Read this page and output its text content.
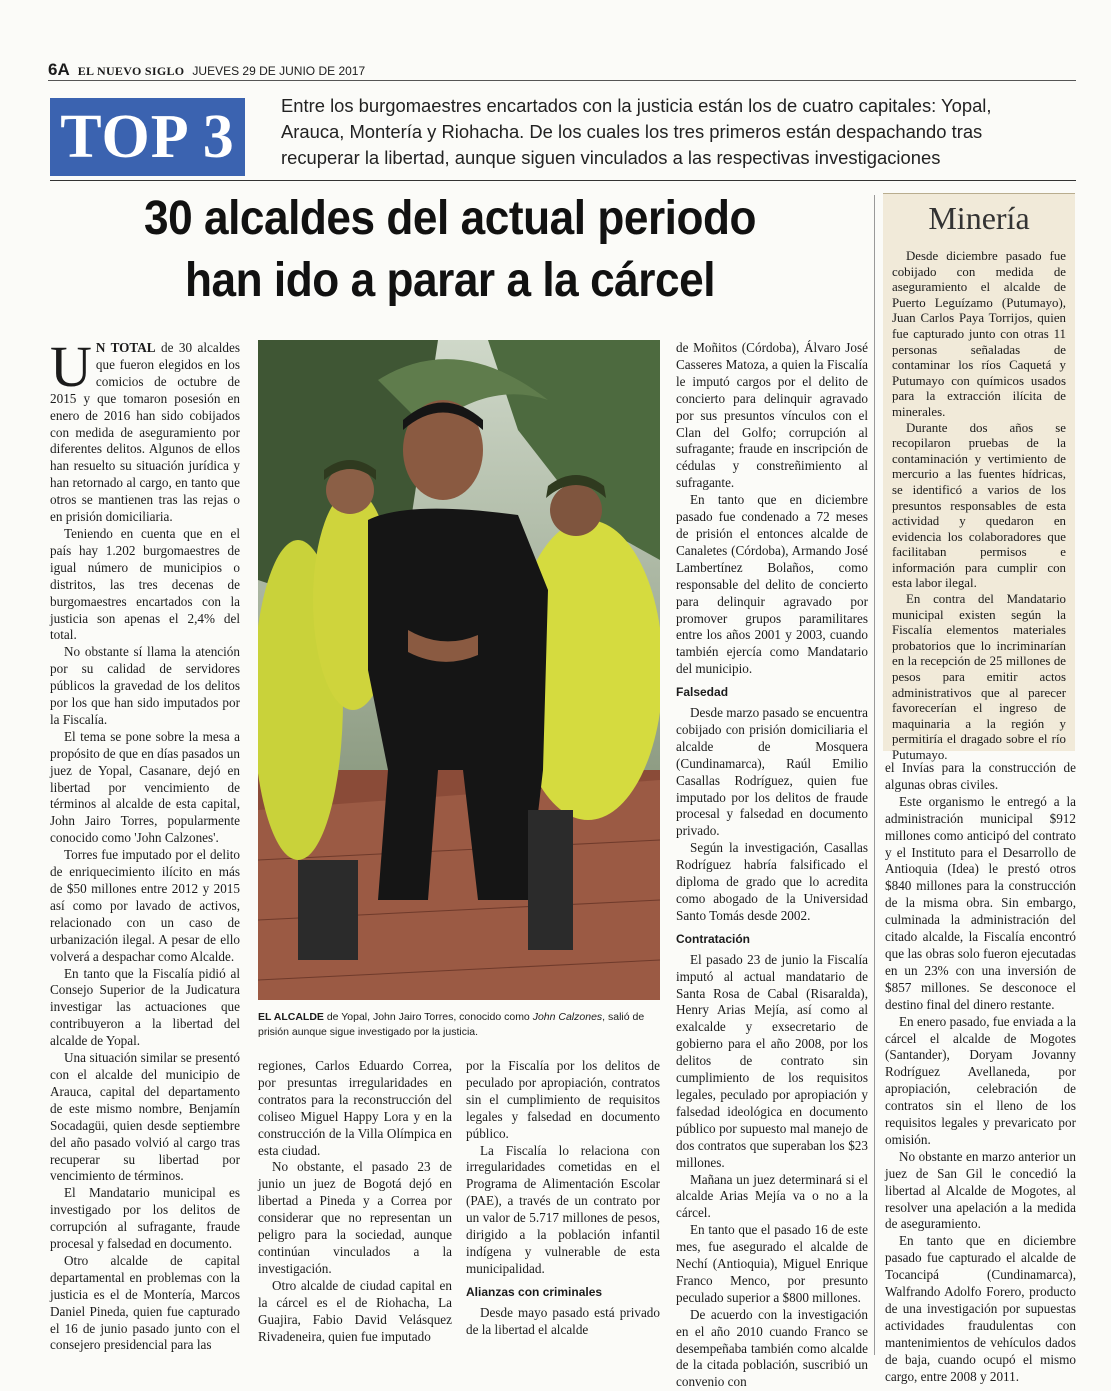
6A EL NUEVO SIGLO JUEVES 29 DE JUNIO DE 2017
TOP 3	Entre los burgomaestres encartados con la justicia están los de cuatro capitales: Yopal, Arauca, Montería y Riohacha. De los cuales los tres primeros están despachando tras recuperar la libertad, aunque siguen vinculados a las respectivas investigaciones
30 alcaldes del actual periodo
han ido a parar a la cárcel

U N TOTAL de 30 alcaldes que fueron elegidos en los comicios de octubre de 2015 y que tomaron posesión en enero de 2016 han sido cobijados con medida de aseguramiento por diferentes delitos. Algunos de ellos han resuelto su situación jurídica y han retornado al cargo, en tanto que otros se mantienen tras las rejas o en prisión domiciliaria.

Teniendo en cuenta que en el país hay 1.202 burgomaestres de igual número de municipios o distritos, las tres decenas de burgomaestres encartados con la justicia son apenas el 2,4% del total.

No obstante sí llama la atención por su calidad de servidores públicos la gravedad de los delitos por los que han sido imputados por la Fiscalía.

El tema se pone sobre la mesa a propósito de que en días pasados un juez de Yopal, Casanare, dejó en libertad por vencimiento de términos al alcalde de esta capital, John Jairo Torres, popularmente conocido como 'John Calzones'.

Torres fue imputado por el delito de enriquecimiento ilícito en más de $50 millones entre 2012 y 2015 así como por lavado de activos, relacionado con un caso de urbanización ilegal. A pesar de ello volverá a despachar como Alcalde.

En tanto que la Fiscalía pidió al Consejo Superior de la Judicatura investigar las actuaciones que contribuyeron a la libertad del alcalde de Yopal.

Una situación similar se presentó con el alcalde del municipio de Arauca, capital del departamento de este mismo nombre, Benjamín Socadagüi, quien desde septiembre del año pasado volvió al cargo tras recuperar su libertad por vencimiento de términos.

El Mandatario municipal es investigado por los delitos de corrupción al sufragante, fraude procesal y falsedad en documento.

Otro alcalde de capital departamental en problemas con la justicia es el de Montería, Marcos Daniel Pineda, quien fue capturado el 16 de junio pasado junto con el consejero presidencial para las

EL ALCALDE de Yopal, John Jairo Torres, conocido como John Calzones, salió de prisión aunque sigue investigado por la justicia.

regiones, Carlos Eduardo Correa, por presuntas irregularidades en contratos para la reconstrucción del coliseo Miguel Happy Lora y en la construcción de la Villa Olímpica en esta ciudad.

No obstante, el pasado 23 de junio un juez de Bogotá dejó en libertad a Pineda y a Correa por considerar que no representan un peligro para la sociedad, aunque continúan vinculados a la investigación.

Otro alcalde de ciudad capital en la cárcel es el de Riohacha, La Guajira, Fabio David Velásquez Rivadeneira, quien fue imputado

por la Fiscalía por los delitos de peculado por apropiación, contratos sin el cumplimiento de requisitos legales y falsedad en documento público.

La Fiscalía lo relaciona con irregularidades cometidas en el Programa de Alimentación Escolar (PAE), a través de un contrato por un valor de 5.717 millones de pesos, dirigido a la población infantil indígena y vulnerable de esta municipalidad.

Alianzas con criminales

Desde mayo pasado está privado de la libertad el alcalde

de Moñitos (Córdoba), Álvaro José Casseres Matoza, a quien la Fiscalía le imputó cargos por el delito de concierto para delinquir agravado por sus presuntos vínculos con el Clan del Golfo; corrupción al sufragante; fraude en inscripción de cédulas y constreñimiento al sufragante.

En tanto que en diciembre pasado fue condenado a 72 meses de prisión el entonces alcalde de Canaletes (Córdoba), Armando José Lambertínez Bolaños, como responsable del delito de concierto para delinquir agravado por promover grupos paramilitares entre los años 2001 y 2003, cuando también ejercía como Mandatario del municipio.

Falsedad

Desde marzo pasado se encuentra cobijado con prisión domiciliaria el alcalde de Mosquera (Cundinamarca), Raúl Emilio Casallas Rodríguez, quien fue imputado por los delitos de fraude procesal y falsedad en documento privado.

Según la investigación, Casallas Rodríguez habría falsificado el diploma de grado que lo acredita como abogado de la Universidad Santo Tomás desde 2002.

Contratación

El pasado 23 de junio la Fiscalía imputó al actual mandatario de Santa Rosa de Cabal (Risaralda), Henry Arias Mejía, así como al exalcalde y exsecretario de gobierno para el año 2008, por los delitos de contrato sin cumplimiento de los requisitos legales, peculado por apropiación y falsedad ideológica en documento público por supuesto mal manejo de dos contratos que superaban los $23 millones.

Mañana un juez determinará si el alcalde Arias Mejía va o no a la cárcel.

En tanto que el pasado 16 de este mes, fue asegurado el alcalde de Nechí (Antioquia), Miguel Enrique Franco Menco, por presunto peculado superior a $800 millones.

De acuerdo con la investigación en el año 2010 cuando Franco se desempeñaba también como alcalde de la citada población, suscribió un convenio con

Minería

Desde diciembre pasado fue cobijado con medida de aseguramiento el alcalde de Puerto Leguízamo (Putumayo), Juan Carlos Paya Torrijos, quien fue capturado junto con otras 11 personas señaladas de contaminar los ríos Caquetá y Putumayo con químicos usados para la extracción ilícita de minerales.

Durante dos años se recopilaron pruebas de la contaminación y vertimiento de mercurio a las fuentes hídricas, se identificó a varios de los presuntos responsables de esta actividad y quedaron en evidencia los colaboradores que facilitaban permisos e información para cumplir con esta labor ilegal.

En contra del Mandatario municipal existen según la Fiscalía elementos materiales probatorios que lo incriminarían en la recepción de 25 millones de pesos para emitir actos administrativos que al parecer favorecerían el ingreso de maquinaria a la región y permitiría el dragado sobre el río Putumayo.

el Invías para la construcción de algunas obras civiles.

Este organismo le entregó a la administración municipal $912 millones como anticipó del contrato y el Instituto para el Desarrollo de Antioquia (Idea) le prestó otros $840 millones para la construcción de la misma obra. Sin embargo, culminada la administración del citado alcalde, la Fiscalía encontró que las obras solo fueron ejecutadas en un 23% con una inversión de $857 millones. Se desconoce el destino final del dinero restante.

En enero pasado, fue enviada a la cárcel el alcalde de Mogotes (Santander), Doryam Jovanny Rodríguez Avellaneda, por apropiación, celebración de contratos sin el lleno de los requisitos legales y prevaricato por omisión.

No obstante en marzo anterior un juez de San Gil le concedió la libertad al Alcalde de Mogotes, al resolver una apelación a la medida de aseguramiento.

En tanto que en diciembre pasado fue capturado el alcalde de Tocancipá (Cundinamarca), Walfrando Adolfo Forero, producto de una investigación por supuestas actividades fraudulentas con mantenimientos de vehículos dados de baja, cuando ocupó el mismo cargo, entre 2008 y 2011.
